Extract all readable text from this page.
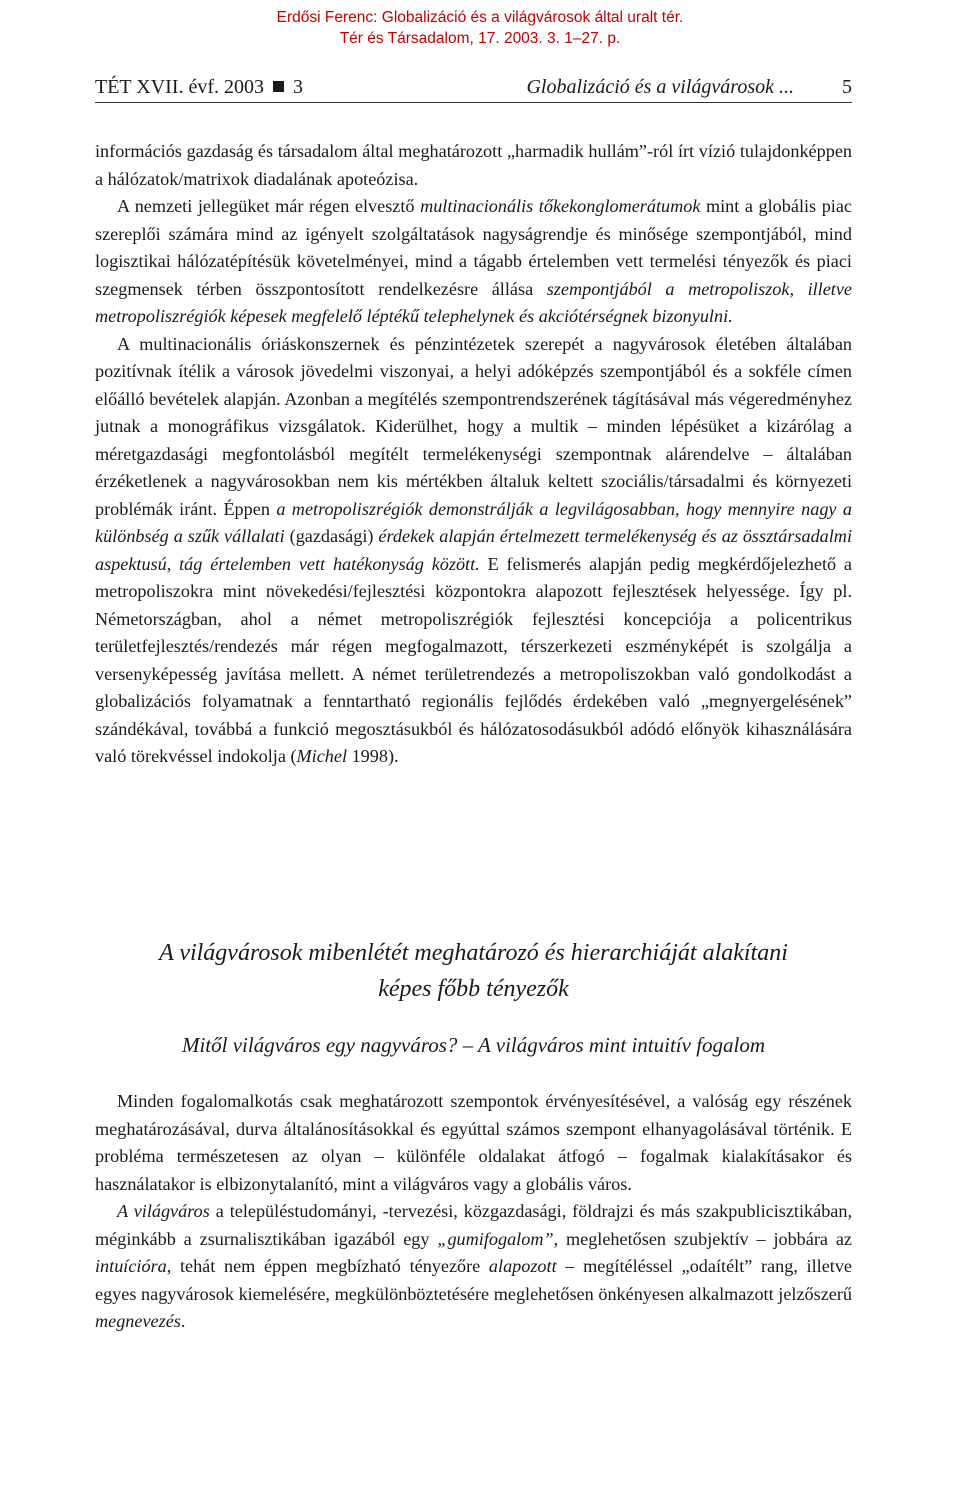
Erdősi Ferenc: Globalizáció és a világvárosok által uralt tér.
Tér és Társadalom, 17. 2003. 3. 1–27. p.
TÉT XVII. évf. 2003 3	Globalizáció és a világvárosok ... 5

információs gazdaság és társadalom által meghatározott „harmadik hullám”-ról írt vízió tulajdonképpen a hálózatok/matrixok diadalának apoteózisa.

A nemzeti jellegüket már régen elvesztő multinacionális tőkekonglomerátumok mint a globális piac szereplői számára mind az igényelt szolgáltatások nagyságrendje és minősége szempontjából, mind logisztikai hálózatépítésük követelményei, mind a tágabb értelemben vett termelési tényezők és piaci szegmensek térben összpontosított rendelkezésre állása szempontjából a metropoliszok, illetve metropoliszrégiók képesek megfelelő léptékű telephelynek és akciótérségnek bizonyulni.

A multinacionális óriáskonszernek és pénzintézetek szerepét a nagyvárosok életében általában pozitívnak ítélik a városok jövedelmi viszonyai, a helyi adóképzés szempontjából és a sokféle címen előálló bevételek alapján. Azonban a megítélés szempontrendszerének tágításával más végeredményhez jutnak a monográfikus vizsgálatok. Kiderülhet, hogy a multik – minden lépésüket a kizárólag a méretgazdasági megfontolásból megítélt termelékenységi szempontnak alárendelve – általában érzéketlenek a nagyvárosokban nem kis mértékben általuk keltett szociális/társadalmi és környezeti problémák iránt. Éppen a metropoliszrégiók demonstrálják a legvilágosabban, hogy mennyire nagy a különbség a szűk vállalati (gazdasági) érdekek alapján értelmezett termelékenység és az össztársadalmi aspektusú, tág értelemben vett hatékonyság között. E felismerés alapján pedig megkérdőjelezhető a metropoliszokra mint növekedési/fejlesztési központokra alapozott fejlesztések helyessége. Így pl. Németországban, ahol a német metropoliszrégiók fejlesztési koncepciója a policentrikus területfejlesztés/rendezés már régen megfogalmazott, térszerkezeti eszményképét is szolgálja a versenyképesség javítása mellett. A német területrendezés a metropoliszokban való gondolkodást a globalizációs folyamatnak a fenntartható regionális fejlődés érdekében való „megnyergelésének” szándékával, továbbá a funkció megosztásukból és hálózatosodásukból adódó előnyök kihasználására való törekvéssel indokolja (Michel 1998).

A világvárosok mibenlétét meghatározó és hierarchiáját alakítani
képes főbb tényezők
Mitől világváros egy nagyváros? – A világváros mint intuitív fogalom

Minden fogalomalkotás csak meghatározott szempontok érvényesítésével, a valóság egy részének meghatározásával, durva általánosításokkal és egyúttal számos szempont elhanyagolásával történik. E probléma természetesen az olyan – különféle oldalakat átfogó – fogalmak kialakításakor és használatakor is elbizonytalanító, mint a világváros vagy a globális város.

A világváros a településtudományi, -tervezési, közgazdasági, földrajzi és más szakpublicisztikában, méginkább a zsurnalisztikában igazából egy „gumifogalom”, meglehetősen szubjektív – jobbára az intuícióra, tehát nem éppen megbízható tényezőre alapozott – megítéléssel „odaítélt” rang, illetve egyes nagyvárosok kiemelésére, megkülönböztetésére meglehetősen önkényesen alkalmazott jelzőszerű megnevezés.
